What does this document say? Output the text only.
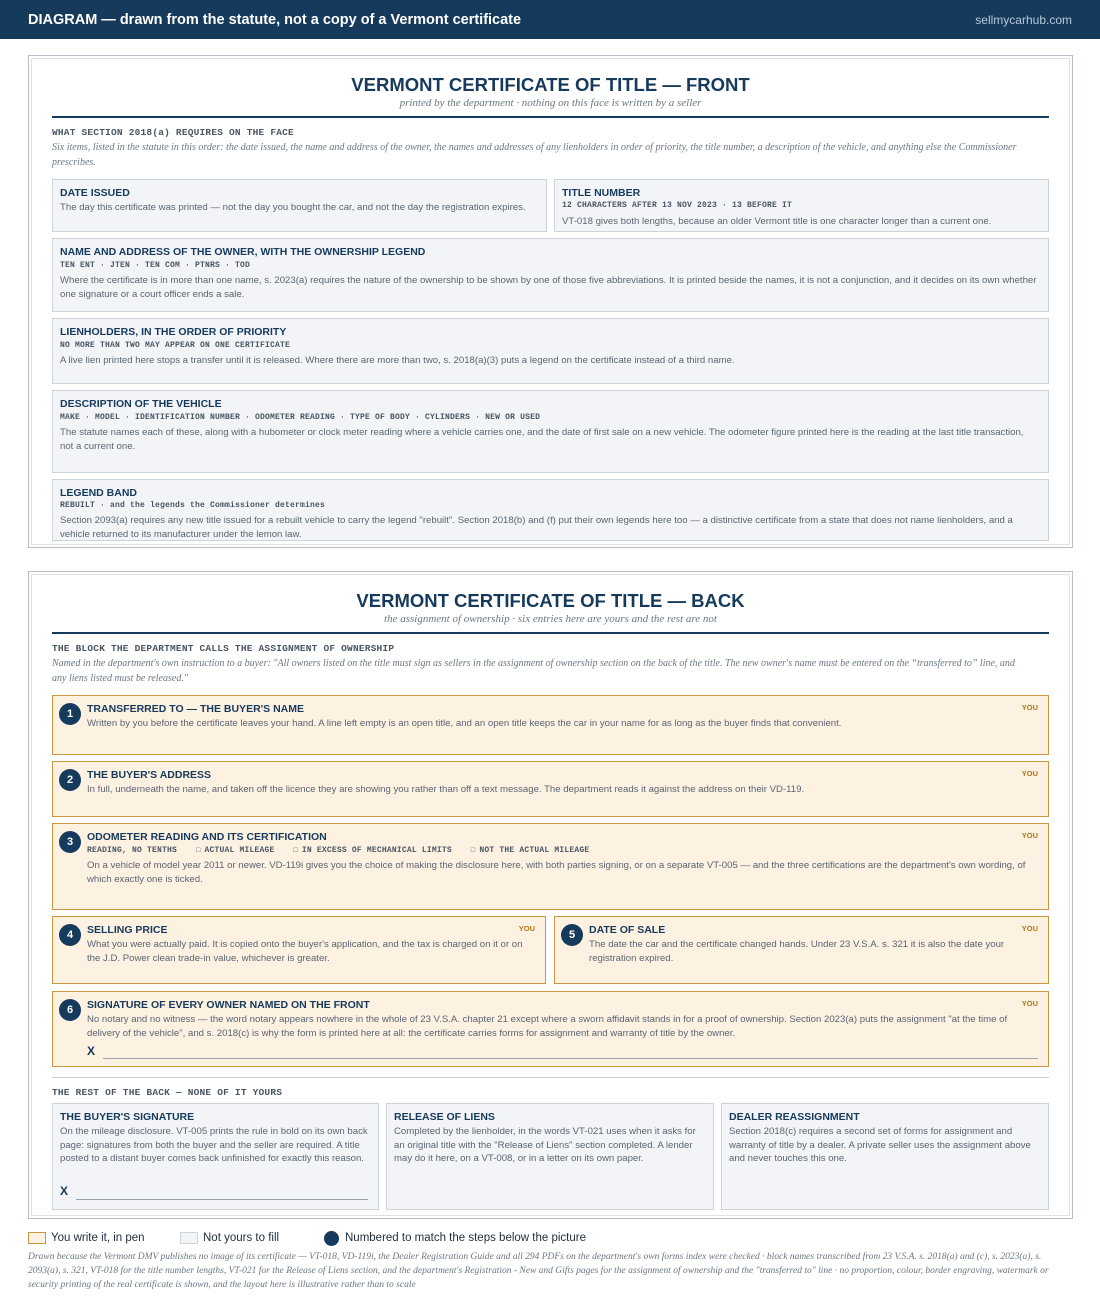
DIAGRAM — drawn from the statute, not a copy of a Vermont certificate	sellmycarhub.com
VERMONT CERTIFICATE OF TITLE — FRONT
printed by the department · nothing on this face is written by a seller
WHAT SECTION 2018(a) REQUIRES ON THE FACE
Six items, listed in the statute in this order: the date issued, the name and address of the owner, the names and addresses of any lienholders in order of priority, the title number, a description of the vehicle, and anything else the Commissioner prescribes.
DATE ISSUED
The day this certificate was printed — not the day you bought the car, and not the day the registration expires.
TITLE NUMBER
12 CHARACTERS AFTER 13 NOV 2023 · 13 BEFORE IT
VT-018 gives both lengths, because an older Vermont title is one character longer than a current one.
NAME AND ADDRESS OF THE OWNER, WITH THE OWNERSHIP LEGEND
TEN ENT · JTEN · TEN COM · PTNRS · TOD
Where the certificate is in more than one name, s. 2023(a) requires the nature of the ownership to be shown by one of those five abbreviations. It is printed beside the names, it is not a conjunction, and it decides on its own whether one signature or a court officer ends a sale.
LIENHOLDERS, IN THE ORDER OF PRIORITY
NO MORE THAN TWO MAY APPEAR ON ONE CERTIFICATE
A live lien printed here stops a transfer until it is released. Where there are more than two, s. 2018(a)(3) puts a legend on the certificate instead of a third name.
DESCRIPTION OF THE VEHICLE
MAKE · MODEL · IDENTIFICATION NUMBER · ODOMETER READING · TYPE OF BODY · CYLINDERS · NEW OR USED
The statute names each of these, along with a hubometer or clock meter reading where a vehicle carries one, and the date of first sale on a new vehicle. The odometer figure printed here is the reading at the last title transaction, not a current one.
LEGEND BAND
REBUILT · and the legends the Commissioner determines
Section 2093(a) requires any new title issued for a rebuilt vehicle to carry the legend "rebuilt". Section 2018(b) and (f) put their own legends here too — a distinctive certificate from a state that does not name lienholders, and a vehicle returned to its manufacturer under the lemon law.
VERMONT CERTIFICATE OF TITLE — BACK
the assignment of ownership · six entries here are yours and the rest are not
THE BLOCK THE DEPARTMENT CALLS THE ASSIGNMENT OF OWNERSHIP
Named in the department's own instruction to a buyer: "All owners listed on the title must sign as sellers in the assignment of ownership section on the back of the title. The new owner's name must be entered on the “transferred to” line, and any liens listed must be released."
1	TRANSFERRED TO — THE BUYER'S NAME	YOU
Written by you before the certificate leaves your hand. A line left empty is an open title, and an open title keeps the car in your name for as long as the buyer finds that convenient.
2	THE BUYER'S ADDRESS	YOU
In full, underneath the name, and taken off the licence they are showing you rather than off a text message. The department reads it against the address on their VD-119.
3	ODOMETER READING AND ITS CERTIFICATION	YOU
READING, NO TENTHS	□ ACTUAL MILEAGE	□ IN EXCESS OF MECHANICAL LIMITS	□ NOT THE ACTUAL MILEAGE
On a vehicle of model year 2011 or newer. VD-119i gives you the choice of making the disclosure here, with both parties signing, or on a separate VT-005 — and the three certifications are the department's own wording, of which exactly one is ticked.
4	SELLING PRICE	YOU
What you were actually paid. It is copied onto the buyer's application, and the tax is charged on it or on the J.D. Power clean trade-in value, whichever is greater.
5	DATE OF SALE	YOU
The date the car and the certificate changed hands. Under 23 V.S.A. s. 321 it is also the date your registration expired.
6	SIGNATURE OF EVERY OWNER NAMED ON THE FRONT	YOU
No notary and no witness — the word notary appears nowhere in the whole of 23 V.S.A. chapter 21 except where a sworn affidavit stands in for a proof of ownership. Section 2023(a) puts the assignment "at the time of delivery of the vehicle", and s. 2018(c) is why the form is printed here at all: the certificate carries forms for assignment and warranty of title by the owner.
X
THE REST OF THE BACK — NONE OF IT YOURS
THE BUYER'S SIGNATURE
On the mileage disclosure. VT-005 prints the rule in bold on its own back page: signatures from both the buyer and the seller are required. A title posted to a distant buyer comes back unfinished for exactly this reason.
X
RELEASE OF LIENS
Completed by the lienholder, in the words VT-021 uses when it asks for an original title with the "Release of Liens" section completed. A lender may do it here, on a VT-008, or in a letter on its own paper.
DEALER REASSIGNMENT
Section 2018(c) requires a second set of forms for assignment and warranty of title by a dealer. A private seller uses the assignment above and never touches this one.
You write it, in pen	Not yours to fill	Numbered to match the steps below the picture
Drawn because the Vermont DMV publishes no image of its certificate — VT-018, VD-119i, the Dealer Registration Guide and all 294 PDFs on the department's own forms index were checked · block names transcribed from 23 V.S.A. s. 2018(a) and (c), s. 2023(a), s. 2093(a), s. 321, VT-018 for the title number lengths, VT-021 for the Release of Liens section, and the department's Registration - New and Gifts pages for the assignment of ownership and the "transferred to" line · no proportion, colour, border engraving, watermark or security printing of the real certificate is shown, and the layout here is illustrative rather than to scale
